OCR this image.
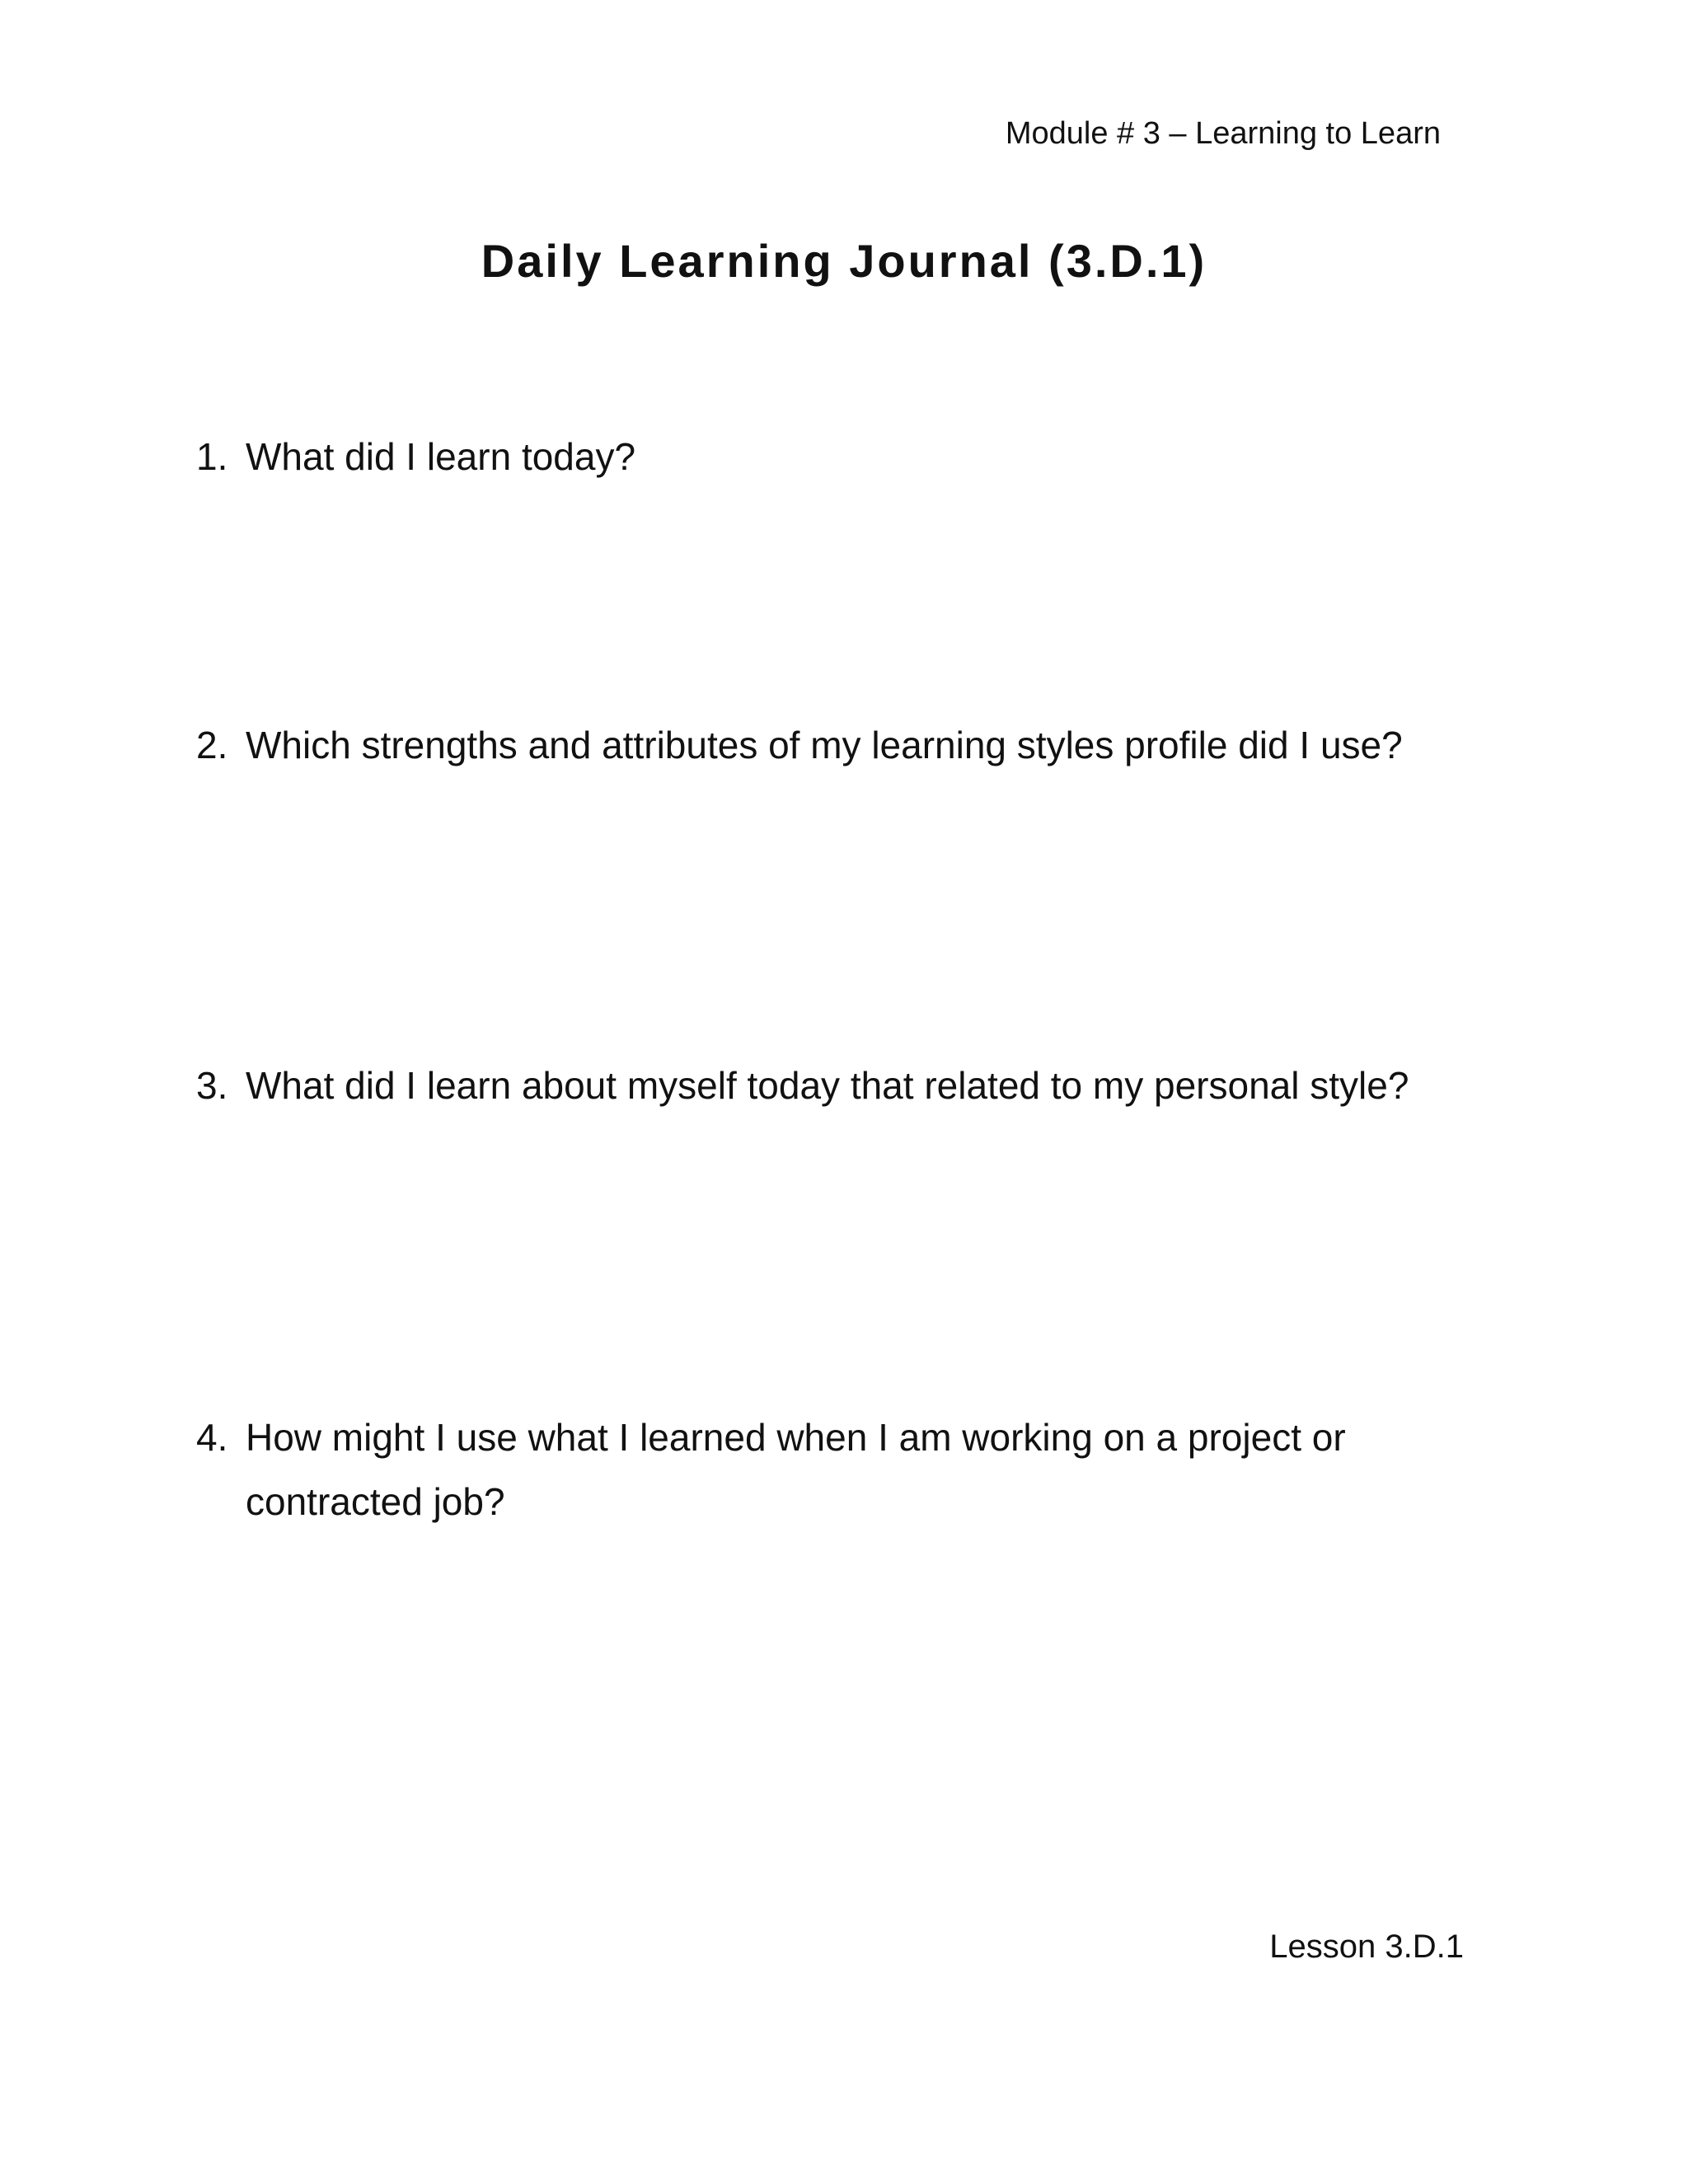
Module # 3 – Learning to Learn
Daily Learning Journal (3.D.1)
1. What did I learn today?
2. Which strengths and attributes of my learning styles profile did I use?
3. What did I learn about myself today that related to my personal style?
4. How might I use what I learned when I am working on a project or contracted job?
Lesson 3.D.1
